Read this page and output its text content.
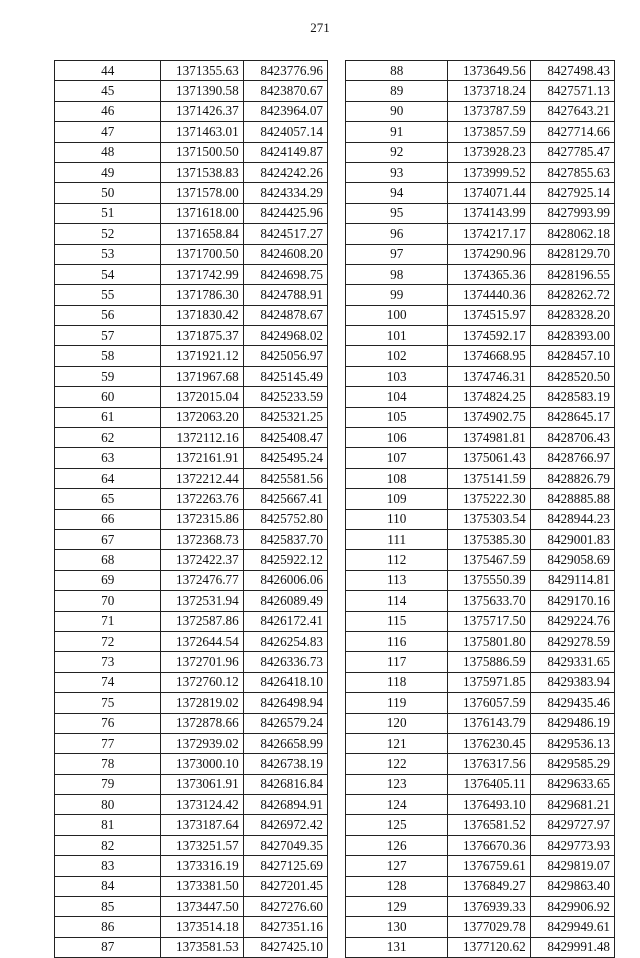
271
44	1371355.63	8423776.96
45	1371390.58	8423870.67
46	1371426.37	8423964.07
47	1371463.01	8424057.14
48	1371500.50	8424149.87
49	1371538.83	8424242.26
50	1371578.00	8424334.29
51	1371618.00	8424425.96
52	1371658.84	8424517.27
53	1371700.50	8424608.20
54	1371742.99	8424698.75
55	1371786.30	8424788.91
56	1371830.42	8424878.67
57	1371875.37	8424968.02
58	1371921.12	8425056.97
59	1371967.68	8425145.49
60	1372015.04	8425233.59
61	1372063.20	8425321.25
62	1372112.16	8425408.47
63	1372161.91	8425495.24
64	1372212.44	8425581.56
65	1372263.76	8425667.41
66	1372315.86	8425752.80
67	1372368.73	8425837.70
68	1372422.37	8425922.12
69	1372476.77	8426006.06
70	1372531.94	8426089.49
71	1372587.86	8426172.41
72	1372644.54	8426254.83
73	1372701.96	8426336.73
74	1372760.12	8426418.10
75	1372819.02	8426498.94
76	1372878.66	8426579.24
77	1372939.02	8426658.99
78	1373000.10	8426738.19
79	1373061.91	8426816.84
80	1373124.42	8426894.91
81	1373187.64	8426972.42
82	1373251.57	8427049.35
83	1373316.19	8427125.69
84	1373381.50	8427201.45
85	1373447.50	8427276.60
86	1373514.18	8427351.16
87	1373581.53	8427425.10
88	1373649.56	8427498.43
89	1373718.24	8427571.13
90	1373787.59	8427643.21
91	1373857.59	8427714.66
92	1373928.23	8427785.47
93	1373999.52	8427855.63
94	1374071.44	8427925.14
95	1374143.99	8427993.99
96	1374217.17	8428062.18
97	1374290.96	8428129.70
98	1374365.36	8428196.55
99	1374440.36	8428262.72
100	1374515.97	8428328.20
101	1374592.17	8428393.00
102	1374668.95	8428457.10
103	1374746.31	8428520.50
104	1374824.25	8428583.19
105	1374902.75	8428645.17
106	1374981.81	8428706.43
107	1375061.43	8428766.97
108	1375141.59	8428826.79
109	1375222.30	8428885.88
110	1375303.54	8428944.23
111	1375385.30	8429001.83
112	1375467.59	8429058.69
113	1375550.39	8429114.81
114	1375633.70	8429170.16
115	1375717.50	8429224.76
116	1375801.80	8429278.59
117	1375886.59	8429331.65
118	1375971.85	8429383.94
119	1376057.59	8429435.46
120	1376143.79	8429486.19
121	1376230.45	8429536.13
122	1376317.56	8429585.29
123	1376405.11	8429633.65
124	1376493.10	8429681.21
125	1376581.52	8429727.97
126	1376670.36	8429773.93
127	1376759.61	8429819.07
128	1376849.27	8429863.40
129	1376939.33	8429906.92
130	1377029.78	8429949.61
131	1377120.62	8429991.48
